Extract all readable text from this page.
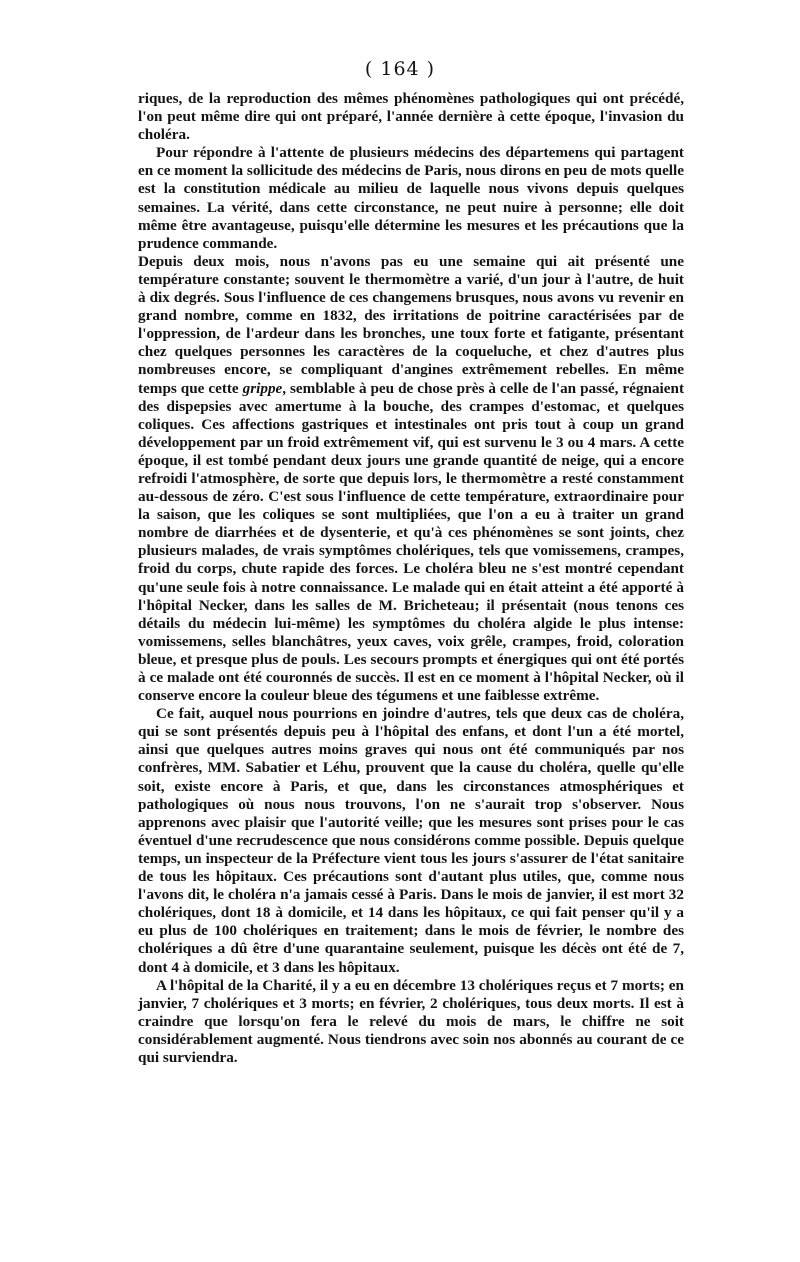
( 164 )

riques, de la reproduction des mêmes phénomènes pathologiques qui ont précédé, l'on peut même dire qui ont préparé, l'année dernière à cette époque, l'invasion du choléra.

Pour répondre à l'attente de plusieurs médecins des départemens qui partagent en ce moment la sollicitude des médecins de Paris, nous dirons en peu de mots quelle est la constitution médicale au milieu de laquelle nous vivons depuis quelques semaines. La vérité, dans cette circonstance, ne peut nuire à personne; elle doit même être avantageuse, puisqu'elle détermine les mesures et les précautions que la prudence commande.

Depuis deux mois, nous n'avons pas eu une semaine qui ait présenté une température constante; souvent le thermomètre a varié, d'un jour à l'autre, de huit à dix degrés. Sous l'influence de ces changemens brusques, nous avons vu revenir en grand nombre, comme en 1832, des irritations de poitrine caractérisées par de l'oppression, de l'ardeur dans les bronches, une toux forte et fatigante, présentant chez quelques personnes les caractères de la coqueluche, et chez d'autres plus nombreuses encore, se compliquant d'angines extrêmement rebelles. En même temps que cette grippe, semblable à peu de chose près à celle de l'an passé, régnaient des dispepsies avec amertume à la bouche, des crampes d'estomac, et quelques coliques. Ces affections gastriques et intestinales ont pris tout à coup un grand développement par un froid extrêmement vif, qui est survenu le 3 ou 4 mars. A cette époque, il est tombé pendant deux jours une grande quantité de neige, qui a encore refroidi l'atmosphère, de sorte que depuis lors, le thermomètre a resté constamment au-dessous de zéro. C'est sous l'influence de cette température, extraordinaire pour la saison, que les coliques se sont multipliées, que l'on a eu à traiter un grand nombre de diarrhées et de dysenterie, et qu'à ces phénomènes se sont joints, chez plusieurs malades, de vrais symptômes cholériques, tels que vomissemens, crampes, froid du corps, chute rapide des forces. Le choléra bleu ne s'est montré cependant qu'une seule fois à notre connaissance. Le malade qui en était atteint a été apporté à l'hôpital Necker, dans les salles de M. Bricheteau; il présentait (nous tenons ces détails du médecin lui-même) les symptômes du choléra algide le plus intense: vomissemens, selles blanchâtres, yeux caves, voix grêle, crampes, froid, coloration bleue, et presque plus de pouls. Les secours prompts et énergiques qui ont été portés à ce malade ont été couronnés de succès. Il est en ce moment à l'hôpital Necker, où il conserve encore la couleur bleue des tégumens et une faiblesse extrême.

Ce fait, auquel nous pourrions en joindre d'autres, tels que deux cas de choléra, qui se sont présentés depuis peu à l'hôpital des enfans, et dont l'un a été mortel, ainsi que quelques autres moins graves qui nous ont été communiqués par nos confrères, MM. Sabatier et Léhu, prouvent que la cause du choléra, quelle qu'elle soit, existe encore à Paris, et que, dans les circonstances atmosphériques et pathologiques où nous nous trouvons, l'on ne s'aurait trop s'observer. Nous apprenons avec plaisir que l'autorité veille; que les mesures sont prises pour le cas éventuel d'une recrudescence que nous considérons comme possible. Depuis quelque temps, un inspecteur de la Préfecture vient tous les jours s'assurer de l'état sanitaire de tous les hôpitaux. Ces précautions sont d'autant plus utiles, que, comme nous l'avons dit, le choléra n'a jamais cessé à Paris. Dans le mois de janvier, il est mort 32 cholériques, dont 18 à domicile, et 14 dans les hôpitaux, ce qui fait penser qu'il y a eu plus de 100 cholériques en traitement; dans le mois de février, le nombre des cholériques a dû être d'une quarantaine seulement, puisque les décès ont été de 7, dont 4 à domicile, et 3 dans les hôpitaux.

A l'hôpital de la Charité, il y a eu en décembre 13 cholériques reçus et 7 morts; en janvier, 7 cholériques et 3 morts; en février, 2 cholériques, tous deux morts. Il est à craindre que lorsqu'on fera le relevé du mois de mars, le chiffre ne soit considérablement augmenté. Nous tiendrons avec soin nos abonnés au courant de ce qui surviendra.
